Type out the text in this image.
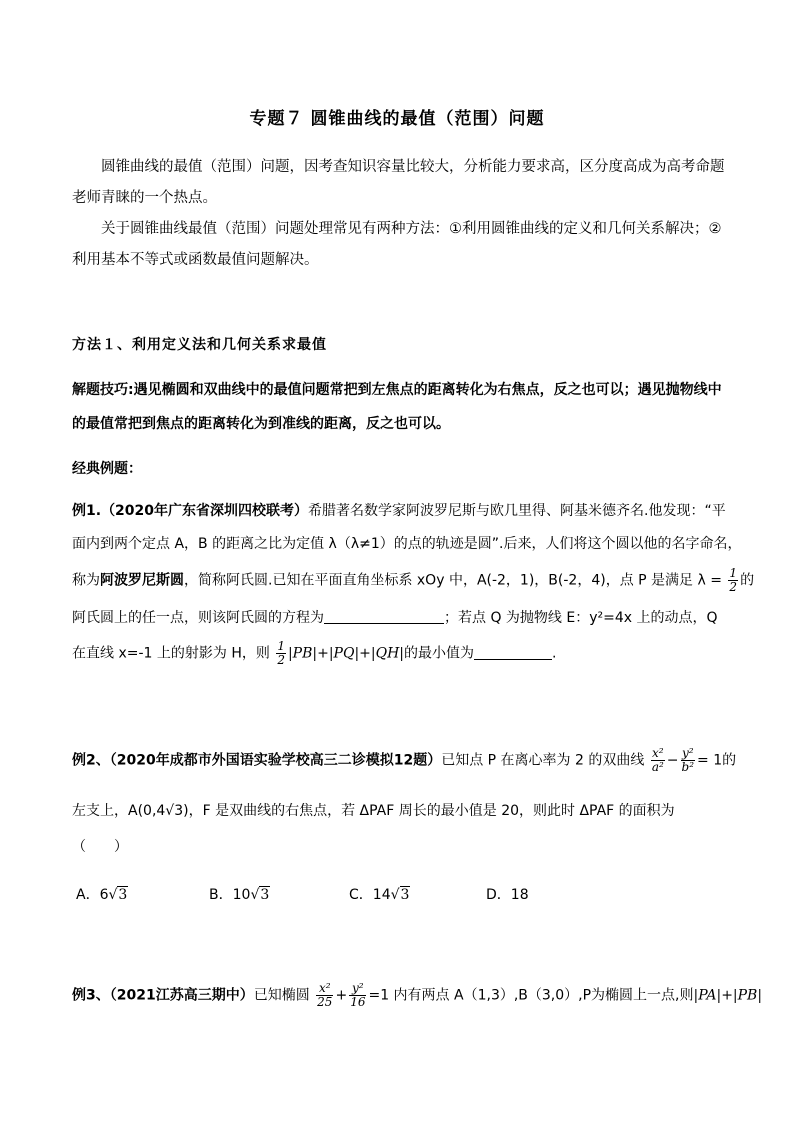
专题７ 圆锥曲线的最值（范围）问题
圆锥曲线的最值（范围）问题，因考查知识容量比较大，分析能力要求高，区分度高成为高考命题老师青睐的一个热点。
关于圆锥曲线最值（范围）问题处理常见有两种方法：①利用圆锥曲线的定义和几何关系解决；②利用基本不等式或函数最值问题解决。
方法１、利用定义法和几何关系求最值
解题技巧:遇见椭圆和双曲线中的最值问题常把到左焦点的距离转化为右焦点，反之也可以；遇见抛物线中
的最值常把到焦点的距离转化为到准线的距离，反之也可以。
经典例题：
例1.（2020年广东省深圳四校联考）希腊著名数学家阿波罗尼斯与欧几里得、阿基米德齐名.他发现：“平
面内到两个定点 A，B 的距离之比为定值 λ（λ≠1）的点的轨迹是圆”.后来，人们将这个圆以他的名字命名，
称为阿波罗尼斯圆，简称阿氏圆.已知在平面直角坐标系 xOy 中，A(-2，1)，B(-2，4)，点 P 是满足 $\lambda = \frac{1}{2}$ 的
阿氏圆上的任一点，则该阿氏圆的方程为	；若点 Q 为抛物线 E：y²=4x 上的动点，Q
在直线 x=-1 上的射影为 H，则 $\frac{1}{2} |PB|+|PQ|+|QH|$的最小值为	.
例2、（2020年成都市外国语实验学校高三二诊模拟12题）已知点 P 在离心率为 2 的双曲线 $\frac{\text{x²}}{\text{a²}} - \frac{\text{y²}}{\text{b²}} = 1$的
左支上，A(0,4√3)，F 是双曲线的右焦点，若 ΔPAF 周长的最小值是 20，则此时 ΔPAF 的面积为
（　　）
A．6√3	B．10√3	C．14√3	D．18
例3、（2021江苏高三期中）已知椭圆 $\frac{\text{x²}}{25} + \frac{\text{y²}}{16} =1$ 内有两点 A（1,3）,B（3,0）,P为椭圆上一点,则|PA|+|PB|
